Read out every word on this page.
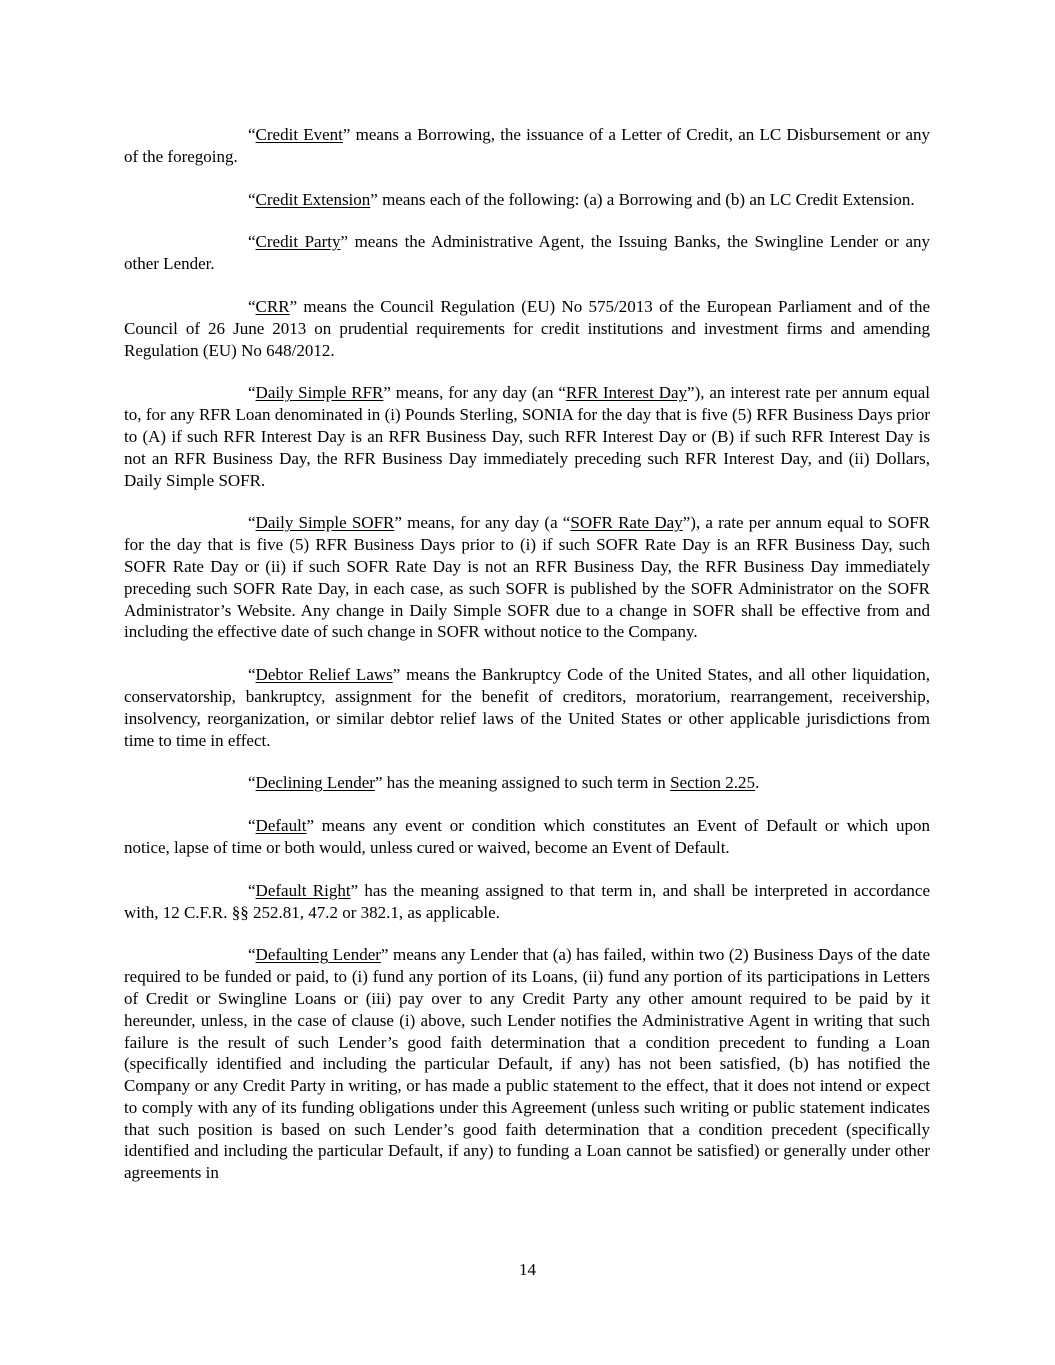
“Credit Event” means a Borrowing, the issuance of a Letter of Credit, an LC Disbursement or any of the foregoing.

“Credit Extension” means each of the following: (a) a Borrowing and (b) an LC Credit Extension.

“Credit Party” means the Administrative Agent, the Issuing Banks, the Swingline Lender or any other Lender.

“CRR” means the Council Regulation (EU) No 575/2013 of the European Parliament and of the Council of 26 June 2013 on prudential requirements for credit institutions and investment firms and amending Regulation (EU) No 648/2012.

“Daily Simple RFR” means, for any day (an “RFR Interest Day”), an interest rate per annum equal to, for any RFR Loan denominated in (i) Pounds Sterling, SONIA for the day that is five (5) RFR Business Days prior to (A) if such RFR Interest Day is an RFR Business Day, such RFR Interest Day or (B) if such RFR Interest Day is not an RFR Business Day, the RFR Business Day immediately preceding such RFR Interest Day, and (ii) Dollars, Daily Simple SOFR.

“Daily Simple SOFR” means, for any day (a “SOFR Rate Day”), a rate per annum equal to SOFR for the day that is five (5) RFR Business Days prior to (i) if such SOFR Rate Day is an RFR Business Day, such SOFR Rate Day or (ii) if such SOFR Rate Day is not an RFR Business Day, the RFR Business Day immediately preceding such SOFR Rate Day, in each case, as such SOFR is published by the SOFR Administrator on the SOFR Administrator’s Website. Any change in Daily Simple SOFR due to a change in SOFR shall be effective from and including the effective date of such change in SOFR without notice to the Company.

“Debtor Relief Laws” means the Bankruptcy Code of the United States, and all other liquidation, conservatorship, bankruptcy, assignment for the benefit of creditors, moratorium, rearrangement, receivership, insolvency, reorganization, or similar debtor relief laws of the United States or other applicable jurisdictions from time to time in effect.

“Declining Lender” has the meaning assigned to such term in Section 2.25.

“Default” means any event or condition which constitutes an Event of Default or which upon notice, lapse of time or both would, unless cured or waived, become an Event of Default.

“Default Right” has the meaning assigned to that term in, and shall be interpreted in accordance with, 12 C.F.R. §§ 252.81, 47.2 or 382.1, as applicable.

“Defaulting Lender” means any Lender that (a) has failed, within two (2) Business Days of the date required to be funded or paid, to (i) fund any portion of its Loans, (ii) fund any portion of its participations in Letters of Credit or Swingline Loans or (iii) pay over to any Credit Party any other amount required to be paid by it hereunder, unless, in the case of clause (i) above, such Lender notifies the Administrative Agent in writing that such failure is the result of such Lender’s good faith determination that a condition precedent to funding a Loan (specifically identified and including the particular Default, if any) has not been satisfied, (b) has notified the Company or any Credit Party in writing, or has made a public statement to the effect, that it does not intend or expect to comply with any of its funding obligations under this Agreement (unless such writing or public statement indicates that such position is based on such Lender’s good faith determination that a condition precedent (specifically identified and including the particular Default, if any) to funding a Loan cannot be satisfied) or generally under other agreements in

14
